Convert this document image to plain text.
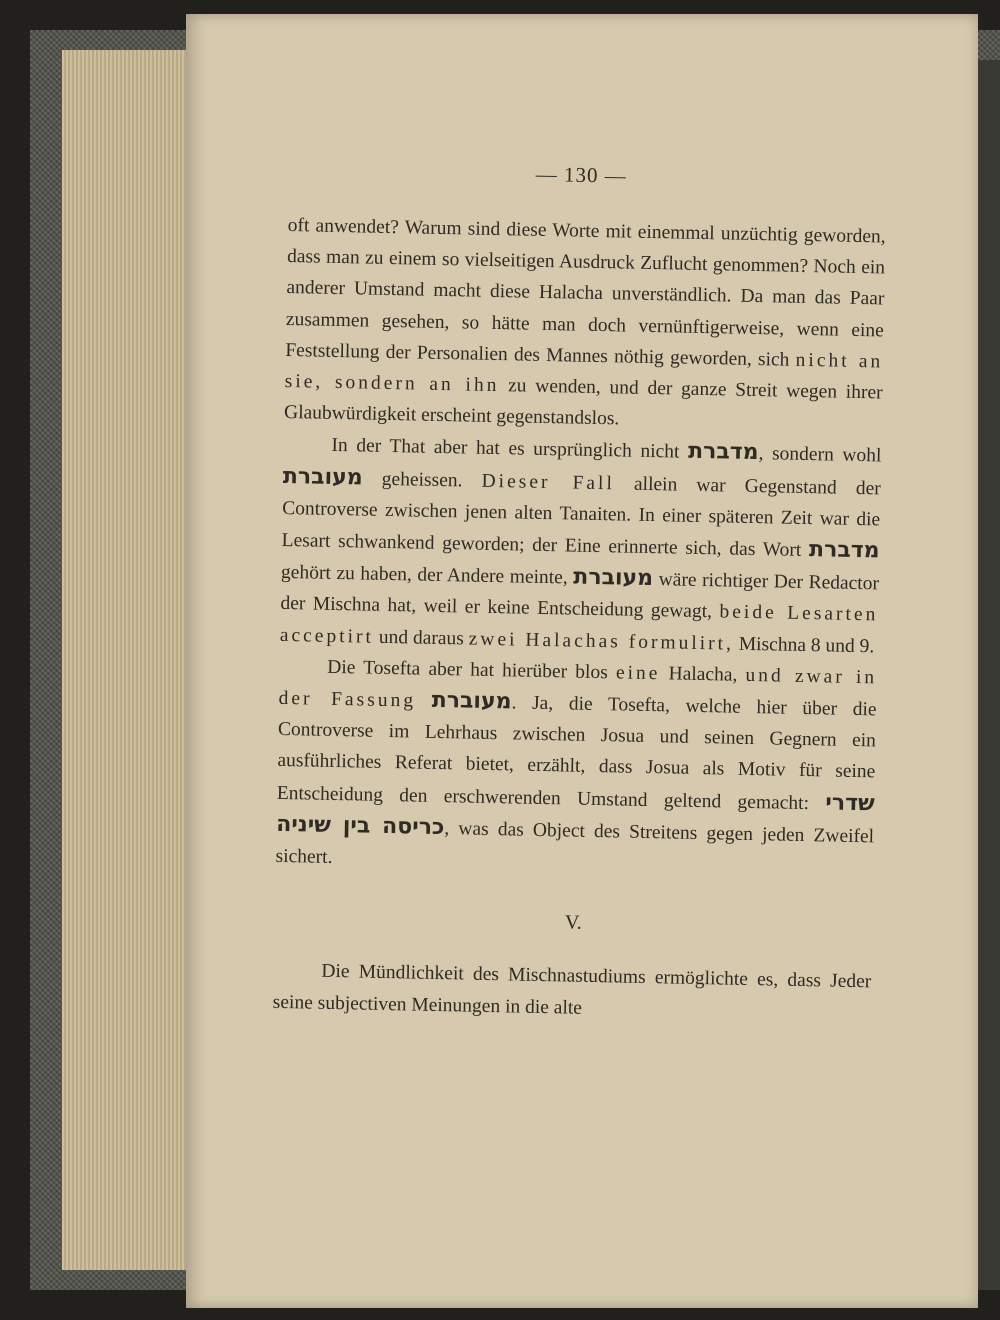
— 130 —

oft anwendet? Warum sind diese Worte mit einemmal unzüchtig geworden, dass man zu einem so vielseitigen Ausdruck Zuflucht genommen? Noch ein anderer Umstand macht diese Halacha unverständlich. Da man das Paar zusammen gesehen, so hätte man doch vernünftigerweise, wenn eine Feststellung der Personalien des Mannes nöthig geworden, sich nicht an sie, sondern an ihn zu wenden, und der ganze Streit wegen ihrer Glaubwürdigkeit erscheint gegenstandslos.

In der That aber hat es ursprünglich nicht מדברת, sondern wohl מעוברת geheissen. Dieser Fall allein war Gegenstand der Controverse zwischen jenen alten Tanaiten. In einer späteren Zeit war die Lesart schwankend geworden; der Eine erinnerte sich, das Wort מדברת gehört zu haben, der Andere meinte, מעוברת wäre richtiger Der Redactor der Mischna hat, weil er keine Entscheidung gewagt, beide Lesarten acceptirt und daraus zwei Halachas formulirt, Mischna 8 und 9.

Die Tosefta aber hat hierüber blos eine Halacha, und zwar in der Fassung מעוברת. Ja, die Tosefta, welche hier über die Controverse im Lehrhaus zwischen Josua und seinen Gegnern ein ausführliches Referat bietet, erzählt, dass Josua als Motiv für seine Entscheidung den erschwerenden Umstand geltend gemacht: שדרי כריסה בין שיניה, was das Object des Streitens gegen jeden Zweifel sichert.

V.

Die Mündlichkeit des Mischnastudiums ermöglichte es, dass Jeder seine subjectiven Meinungen in die alte
